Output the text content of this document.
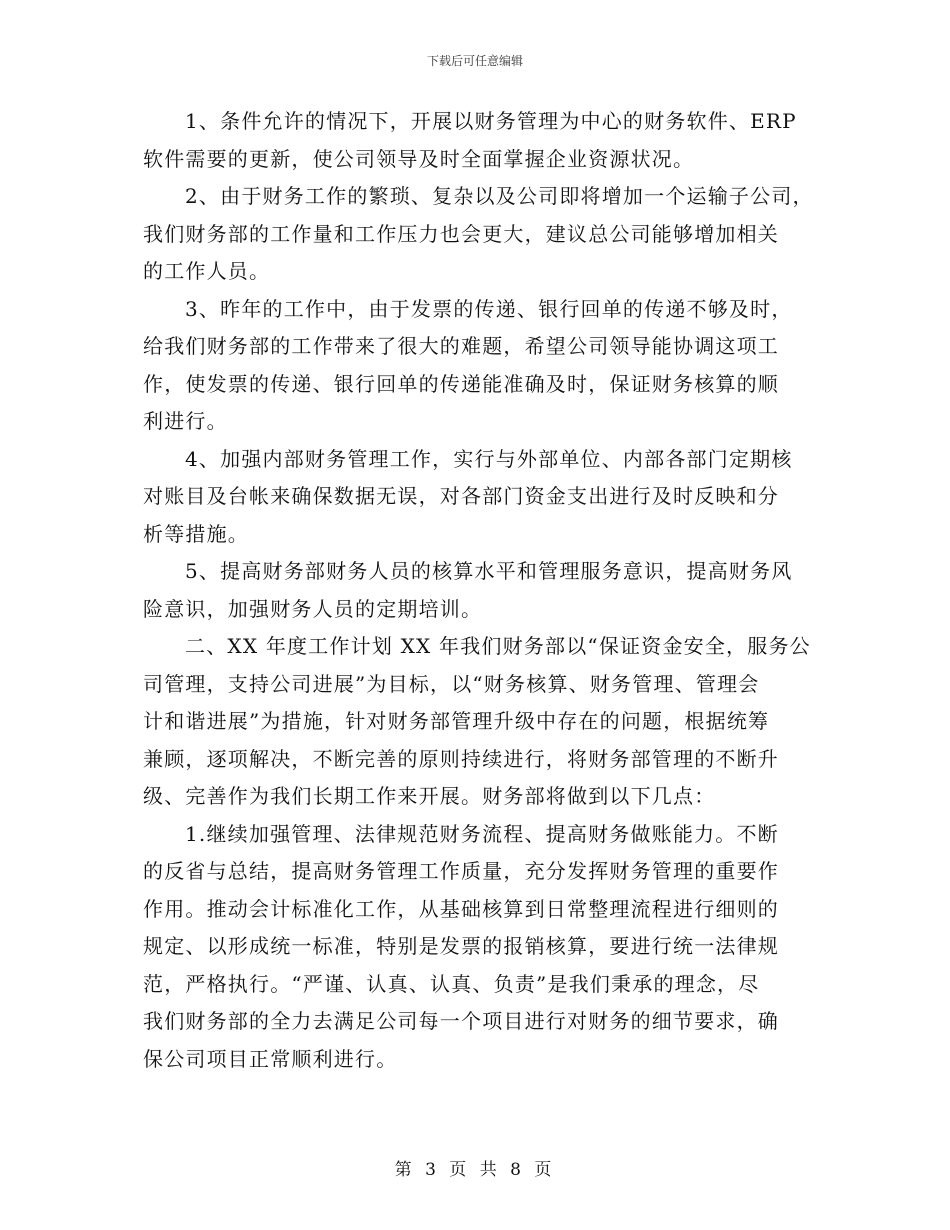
下载后可任意编辑
1、条件允许的情况下，开展以财务管理为中心的财务软件、ERP
软件需要的更新，使公司领导及时全面掌握企业资源状况。
2、由于财务工作的繁琐、复杂以及公司即将增加一个运输子公司，
我们财务部的工作量和工作压力也会更大，建议总公司能够增加相关
的工作人员。
3、昨年的工作中，由于发票的传递、银行回单的传递不够及时，
给我们财务部的工作带来了很大的难题，希望公司领导能协调这项工
作，使发票的传递、银行回单的传递能准确及时，保证财务核算的顺
利进行。
4、加强内部财务管理工作，实行与外部单位、内部各部门定期核
对账目及台帐来确保数据无误，对各部门资金支出进行及时反映和分
析等措施。
5、提高财务部财务人员的核算水平和管理服务意识，提高财务风
险意识，加强财务人员的定期培训。
二、XX 年度工作计划 XX 年我们财务部以“保证资金安全，服务公
司管理，支持公司进展”为目标，以“财务核算、财务管理、管理会
计和谐进展”为措施，针对财务部管理升级中存在的问题，根据统筹
兼顾，逐项解决，不断完善的原则持续进行，将财务部管理的不断升
级、完善作为我们长期工作来开展。财务部将做到以下几点：
1.继续加强管理、法律规范财务流程、提高财务做账能力。不断
的反省与总结，提高财务管理工作质量，充分发挥财务管理的重要作
作用。推动会计标准化工作，从基础核算到日常整理流程进行细则的
规定、以形成统一标准，特别是发票的报销核算，要进行统一法律规
范，严格执行。“严谨、认真、认真、负责”是我们秉承的理念，尽
我们财务部的全力去满足公司每一个项目进行对财务的细节要求，确
保公司项目正常顺利进行。
第 3 页 共 8 页
